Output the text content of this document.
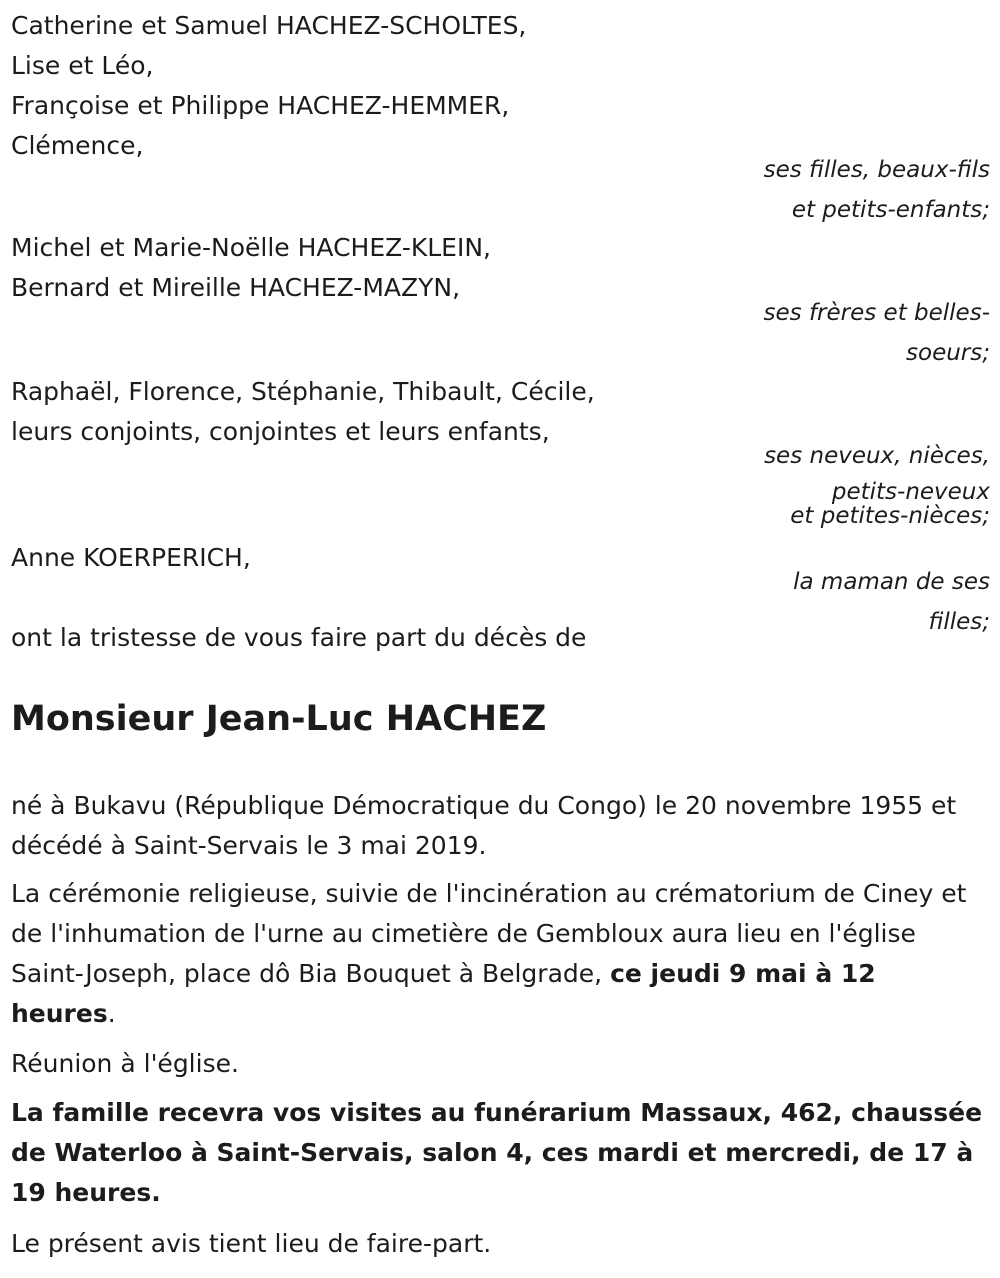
Catherine et Samuel HACHEZ-SCHOLTES,

Lise et Léo,

Françoise et Philippe HACHEZ-HEMMER,

Clémence,

ses filles, beaux-fils
et petits-enfants;

Michel et Marie-Noëlle HACHEZ-KLEIN,

Bernard et Mireille HACHEZ-MAZYN,

ses frères et belles-
soeurs;

Raphaël, Florence, Stéphanie, Thibault, Cécile,

leurs conjoints, conjointes et leurs enfants,

ses neveux, nièces,
petits-neveux
et petites-nièces;

Anne KOERPERICH,

la maman de ses
filles;

ont la tristesse de vous faire part du décès de

Monsieur Jean-Luc HACHEZ

né à Bukavu (République Démocratique du Congo) le 20 novembre 1955 et décédé à Saint-Servais le 3 mai 2019.

La cérémonie religieuse, suivie de l'incinération au crématorium de Ciney et de l'inhumation de l'urne au cimetière de Gembloux aura lieu en l'église Saint-Joseph, place dô Bia Bouquet à Belgrade, ce jeudi 9 mai à 12 heures.

Réunion à l'église.

La famille recevra vos visites au funérarium Massaux, 462, chaussée de Waterloo à Saint-Servais, salon 4, ces mardi et mercredi, de 17 à 19 heures.

Le présent avis tient lieu de faire-part.
